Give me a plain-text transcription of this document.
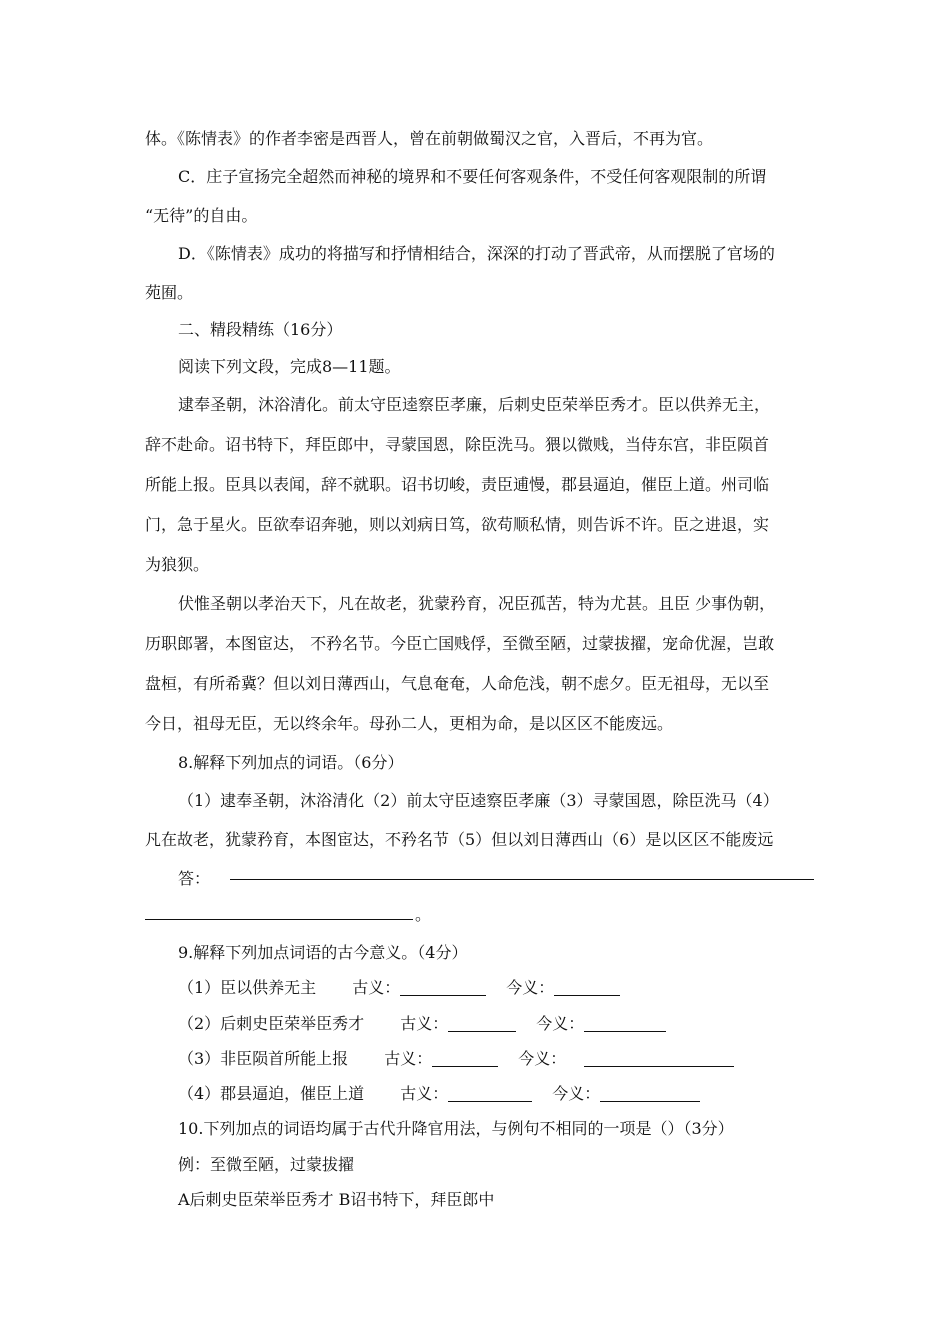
体。《陈情表》的作者李密是西晋人，曾在前朝做蜀汉之官，入晋后，不再为官。
C．庄子宣扬完全超然而神秘的境界和不要任何客观条件，不受任何客观限制的所谓
“无待”的自由。
D．《陈情表》成功的将描写和抒情相结合，深深的打动了晋武帝，从而摆脱了官场的
苑囿。
二、精段精练（16分）
阅读下列文段，完成8—11题。
逮奉圣朝，沐浴清化。前太守臣逵察臣孝廉，后刺史臣荣举臣秀才。臣以供养无主，
辞不赴命。诏书特下，拜臣郎中，寻蒙国恩，除臣洗马。猥以微贱，当侍东宫，非臣陨首
所能上报。臣具以表闻，辞不就职。诏书切峻，责臣逋慢，郡县逼迫，催臣上道。州司临
门，急于星火。臣欲奉诏奔驰，则以刘病日笃，欲苟顺私情，则告诉不许。臣之进退，实
为狼狈。
伏惟圣朝以孝治天下，凡在故老，犹蒙矜育，况臣孤苦，特为尤甚。且臣 少事伪朝，
历职郎署，本图宦达， 不矜名节。今臣亡国贱俘，至微至陋，过蒙拔擢，宠命优渥，岂敢
盘桓，有所希冀？但以刘日薄西山，气息奄奄，人命危浅，朝不虑夕。臣无祖母，无以至
今日，祖母无臣，无以终余年。母孙二人，更相为命，是以区区不能废远。
8.解释下列加点的词语。（6分）
（1）逮奉圣朝，沐浴清化（2）前太守臣逵察臣孝廉（3）寻蒙国恩，除臣洗马（4）
凡在故老，犹蒙矜育，本图宦达，不矜名节（5）但以刘日薄西山（6）是以区区不能废远
答：
。
9.解释下列加点词语的古今意义。（4分）
（1）臣以供养无主 古义：	今义：
（2）后刺史臣荣举臣秀才 古义：	今义：
（3）非臣陨首所能上报 古义：	今义：
（4）郡县逼迫，催臣上道 古义：	今义：
10.下列加点的词语均属于古代升降官用法，与例句不相同的一项是（）（3分）
例：至微至陋，过蒙拔擢
A后刺史臣荣举臣秀才 B诏书特下，拜臣郎中
